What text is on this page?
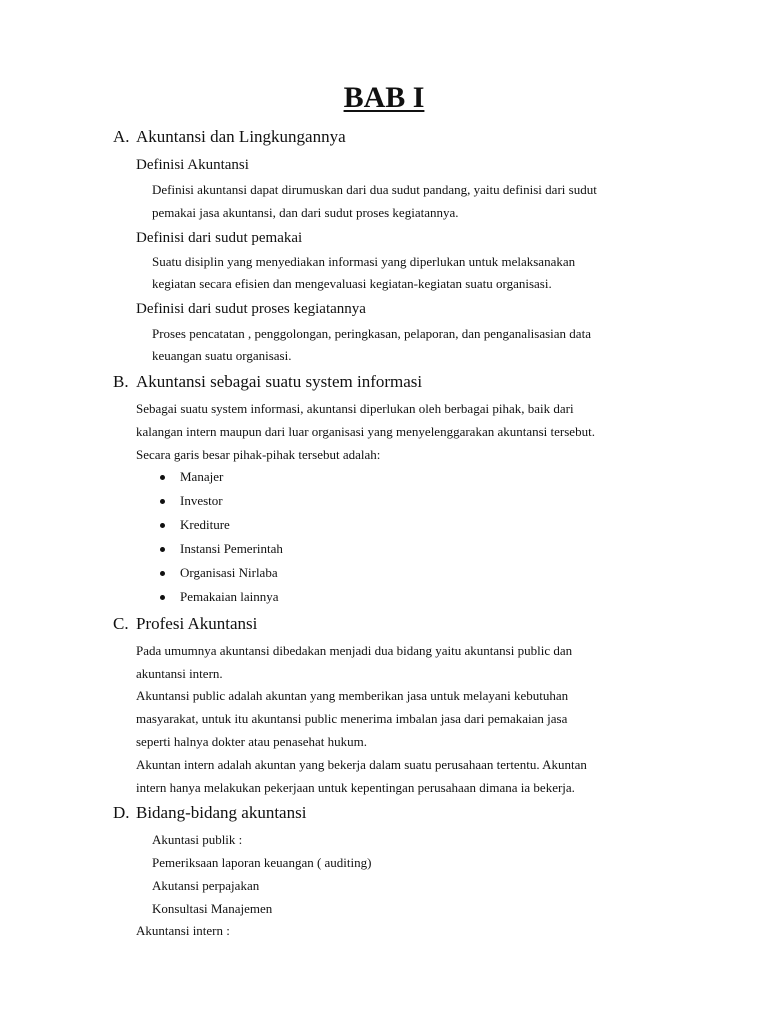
BAB I
A. Akuntansi dan Lingkungannya
Definisi Akuntansi
Definisi akuntansi dapat dirumuskan dari dua sudut pandang, yaitu definisi dari sudut
pemakai jasa akuntansi, dan dari sudut proses kegiatannya.
Definisi dari sudut pemakai
Suatu disiplin yang menyediakan informasi yang diperlukan untuk melaksanakan
kegiatan secara efisien dan mengevaluasi kegiatan-kegiatan suatu organisasi.
Definisi dari sudut proses kegiatannya
Proses pencatatan , penggolongan, peringkasan, pelaporan, dan penganalisasian data
keuangan suatu organisasi.
B. Akuntansi sebagai suatu system informasi
Sebagai suatu system informasi, akuntansi diperlukan oleh berbagai pihak, baik dari
kalangan intern maupun dari luar organisasi yang menyelenggarakan akuntansi tersebut.
Secara garis besar pihak-pihak tersebut adalah:
Manajer
Investor
Krediture
Instansi Pemerintah
Organisasi Nirlaba
Pemakaian lainnya
C. Profesi Akuntansi
Pada umumnya akuntansi dibedakan menjadi dua bidang yaitu akuntansi public dan
akuntansi intern.
Akuntansi public adalah akuntan yang memberikan jasa untuk melayani kebutuhan
masyarakat, untuk itu akuntansi public menerima imbalan jasa dari pemakaian jasa
seperti halnya dokter atau penasehat hukum.
Akuntan intern adalah akuntan yang bekerja dalam suatu perusahaan tertentu. Akuntan
intern hanya melakukan pekerjaan untuk kepentingan perusahaan dimana ia bekerja.
D. Bidang-bidang akuntansi
Akuntasi publik :
Pemeriksaan laporan keuangan ( auditing)
Akutansi perpajakan
Konsultasi Manajemen
Akuntansi intern :
